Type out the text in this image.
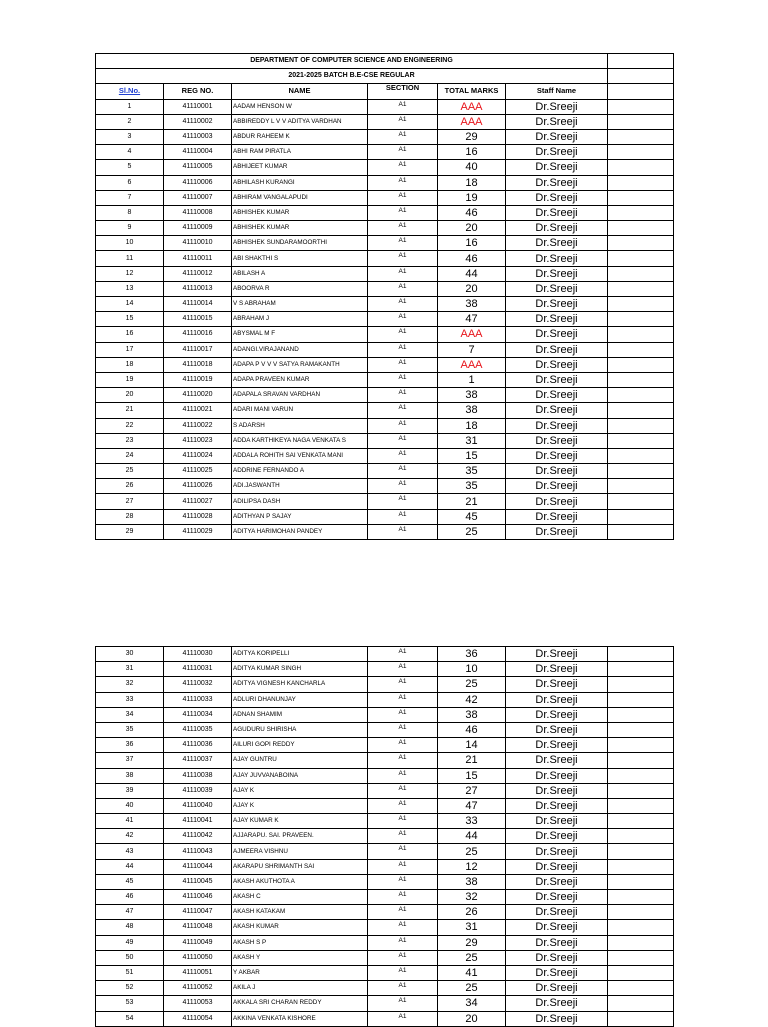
DEPARTMENT OF COMPUTER SCIENCE AND ENGINEERING						
2021-2025 BATCH B.E-CSE REGULAR						
Sl.No.	REG NO.	NAME	SECTION	TOTAL MARKS	Staff Name	
1	41110001	AADAM HENSON W	A1	AAA	Dr.Sreeji	
2	41110002	ABBIREDDY L V V ADITYA VARDHAN	A1	AAA	Dr.Sreeji	
3	41110003	ABDUR RAHEEM K	A1	29	Dr.Sreeji	
4	41110004	ABHI RAM PIRATLA	A1	16	Dr.Sreeji	
5	41110005	ABHIJEET KUMAR	A1	40	Dr.Sreeji	
6	41110006	ABHILASH KURANGI	A1	18	Dr.Sreeji	
7	41110007	ABHIRAM VANGALAPUDI	A1	19	Dr.Sreeji	
8	41110008	ABHISHEK KUMAR	A1	46	Dr.Sreeji	
9	41110009	ABHISHEK KUMAR	A1	20	Dr.Sreeji	
10	41110010	ABHISHEK SUNDARAMOORTHI	A1	16	Dr.Sreeji	
11	41110011	ABI SHAKTHI S	A1	46	Dr.Sreeji	
12	41110012	ABILASH A	A1	44	Dr.Sreeji	
13	41110013	ABOORVA R	A1	20	Dr.Sreeji	
14	41110014	V S ABRAHAM	A1	38	Dr.Sreeji	
15	41110015	ABRAHAM J	A1	47	Dr.Sreeji	
16	41110016	ABYSMAL M F	A1	AAA	Dr.Sreeji	
17	41110017	ADANGI.VIRAJANAND	A1	7	Dr.Sreeji	
18	41110018	ADAPA P V V V SATYA RAMAKANTH	A1	AAA	Dr.Sreeji	
19	41110019	ADAPA PRAVEEN KUMAR	A1	1	Dr.Sreeji	
20	41110020	ADAPALA SRAVAN VARDHAN	A1	38	Dr.Sreeji	
21	41110021	ADARI MANI VARUN	A1	38	Dr.Sreeji	
22	41110022	S ADARSH	A1	18	Dr.Sreeji	
23	41110023	ADDA KARTHIKEYA NAGA VENKATA S	A1	31	Dr.Sreeji	
24	41110024	ADDALA ROHITH SAI VENKATA MANI	A1	15	Dr.Sreeji	
25	41110025	ADDRINE FERNANDO A	A1	35	Dr.Sreeji	
26	41110026	ADI.JASWANTH	A1	35	Dr.Sreeji	
27	41110027	ADILIPSA DASH	A1	21	Dr.Sreeji	
28	41110028	ADITHYAN P SAJAY	A1	45	Dr.Sreeji	
29	41110029	ADITYA HARIMOHAN PANDEY	A1	25	Dr.Sreeji	
30	41110030	ADITYA KORIPELLI	A1	36	Dr.Sreeji	
31	41110031	ADITYA KUMAR SINGH	A1	10	Dr.Sreeji	
32	41110032	ADITYA VIGNESH KANCHARLA	A1	25	Dr.Sreeji	
33	41110033	ADLURI DHANUNJAY	A1	42	Dr.Sreeji	
34	41110034	ADNAN SHAMIM	A1	38	Dr.Sreeji	
35	41110035	AGUDURU SHIRISHA	A1	46	Dr.Sreeji	
36	41110036	AILURI GOPI REDDY	A1	14	Dr.Sreeji	
37	41110037	AJAY GUNTRU	A1	21	Dr.Sreeji	
38	41110038	AJAY JUVVANABOINA	A1	15	Dr.Sreeji	
39	41110039	AJAY K	A1	27	Dr.Sreeji	
40	41110040	AJAY K	A1	47	Dr.Sreeji	
41	41110041	AJAY KUMAR K	A1	33	Dr.Sreeji	
42	41110042	AJJARAPU. SAI. PRAVEEN.	A1	44	Dr.Sreeji	
43	41110043	AJMEERA VISHNU	A1	25	Dr.Sreeji	
44	41110044	AKARAPU SHRIMANTH SAI	A1	12	Dr.Sreeji	
45	41110045	AKASH AKUTHOTA A	A1	38	Dr.Sreeji	
46	41110046	AKASH C	A1	32	Dr.Sreeji	
47	41110047	AKASH KATAKAM	A1	26	Dr.Sreeji	
48	41110048	AKASH KUMAR	A1	31	Dr.Sreeji	
49	41110049	AKASH S P	A1	29	Dr.Sreeji	
50	41110050	AKASH Y	A1	25	Dr.Sreeji	
51	41110051	Y AKBAR	A1	41	Dr.Sreeji	
52	41110052	AKILA J	A1	25	Dr.Sreeji	
53	41110053	AKKALA SRI CHARAN REDDY	A1	34	Dr.Sreeji	
54	41110054	AKKINA VENKATA KISHORE	A1	20	Dr.Sreeji	
